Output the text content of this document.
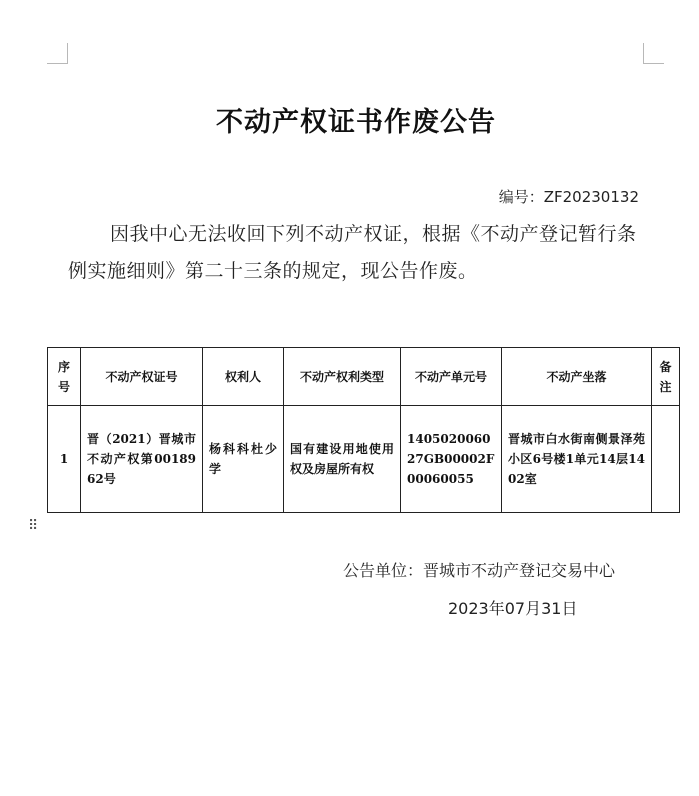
不动产权证书作废公告
编号：ZF20230132
因我中心无法收回下列不动产权证，根据《不动产登记暂行条例实施细则》第二十三条的规定，现公告作废。
序号	不动产权证号	权利人	不动产权利类型	不动产单元号	不动产坐落	备注
1	晋（2021）晋城市不动产权第0018962号	杨科科杜少学	国有建设用地使用权及房屋所有权	140502006027GB00002F00060055	晋城市白水街南侧景泽苑小区6号楼1单元14层1402室	
⠿
公告单位：晋城市不动产登记交易中心
2023年07月31日
